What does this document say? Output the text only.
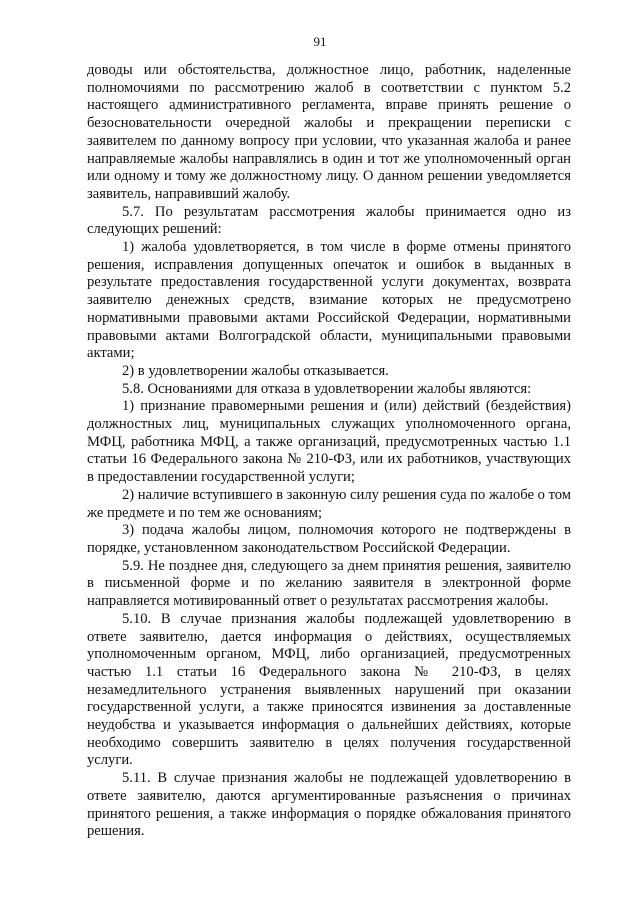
91

доводы или обстоятельства, должностное лицо, работник, наделенные полномочиями по рассмотрению жалоб в соответствии с пунктом 5.2 настоящего административного регламента, вправе принять решение о безосновательности очередной жалобы и прекращении переписки с заявителем по данному вопросу при условии, что указанная жалоба и ранее направляемые жалобы направлялись в один и тот же уполномоченный орган или одному и тому же должностному лицу. О данном решении уведомляется заявитель, направивший жалобу.

5.7. По результатам рассмотрения жалобы принимается одно из следующих решений:

1) жалоба удовлетворяется, в том числе в форме отмены принятого решения, исправления допущенных опечаток и ошибок в выданных в результате предоставления государственной услуги документах, возврата заявителю денежных средств, взимание которых не предусмотрено нормативными правовыми актами Российской Федерации, нормативными правовыми актами Волгоградской области, муниципальными правовыми актами;

2) в удовлетворении жалобы отказывается.

5.8. Основаниями для отказа в удовлетворении жалобы являются:

1) признание правомерными решения и (или) действий (бездействия) должностных лиц, муниципальных служащих уполномоченного органа, МФЦ, работника МФЦ, а также организаций, предусмотренных частью 1.1 статьи 16 Федерального закона № 210-ФЗ, или их работников, участвующих в предоставлении государственной услуги;

2) наличие вступившего в законную силу решения суда по жалобе о том же предмете и по тем же основаниям;

3) подача жалобы лицом, полномочия которого не подтверждены в порядке, установленном законодательством Российской Федерации.

5.9. Не позднее дня, следующего за днем принятия решения, заявителю в письменной форме и по желанию заявителя в электронной форме направляется мотивированный ответ о результатах рассмотрения жалобы.

5.10. В случае признания жалобы подлежащей удовлетворению в ответе заявителю, дается информация о действиях, осуществляемых уполномоченным органом, МФЦ, либо организацией, предусмотренных частью 1.1 статьи 16 Федерального закона № 210-ФЗ, в целях незамедлительного устранения выявленных нарушений при оказании государственной услуги, а также приносятся извинения за доставленные неудобства и указывается информация о дальнейших действиях, которые необходимо совершить заявителю в целях получения государственной услуги.

5.11. В случае признания жалобы не подлежащей удовлетворению в ответе заявителю, даются аргументированные разъяснения о причинах принятого решения, а также информация о порядке обжалования принятого решения.
